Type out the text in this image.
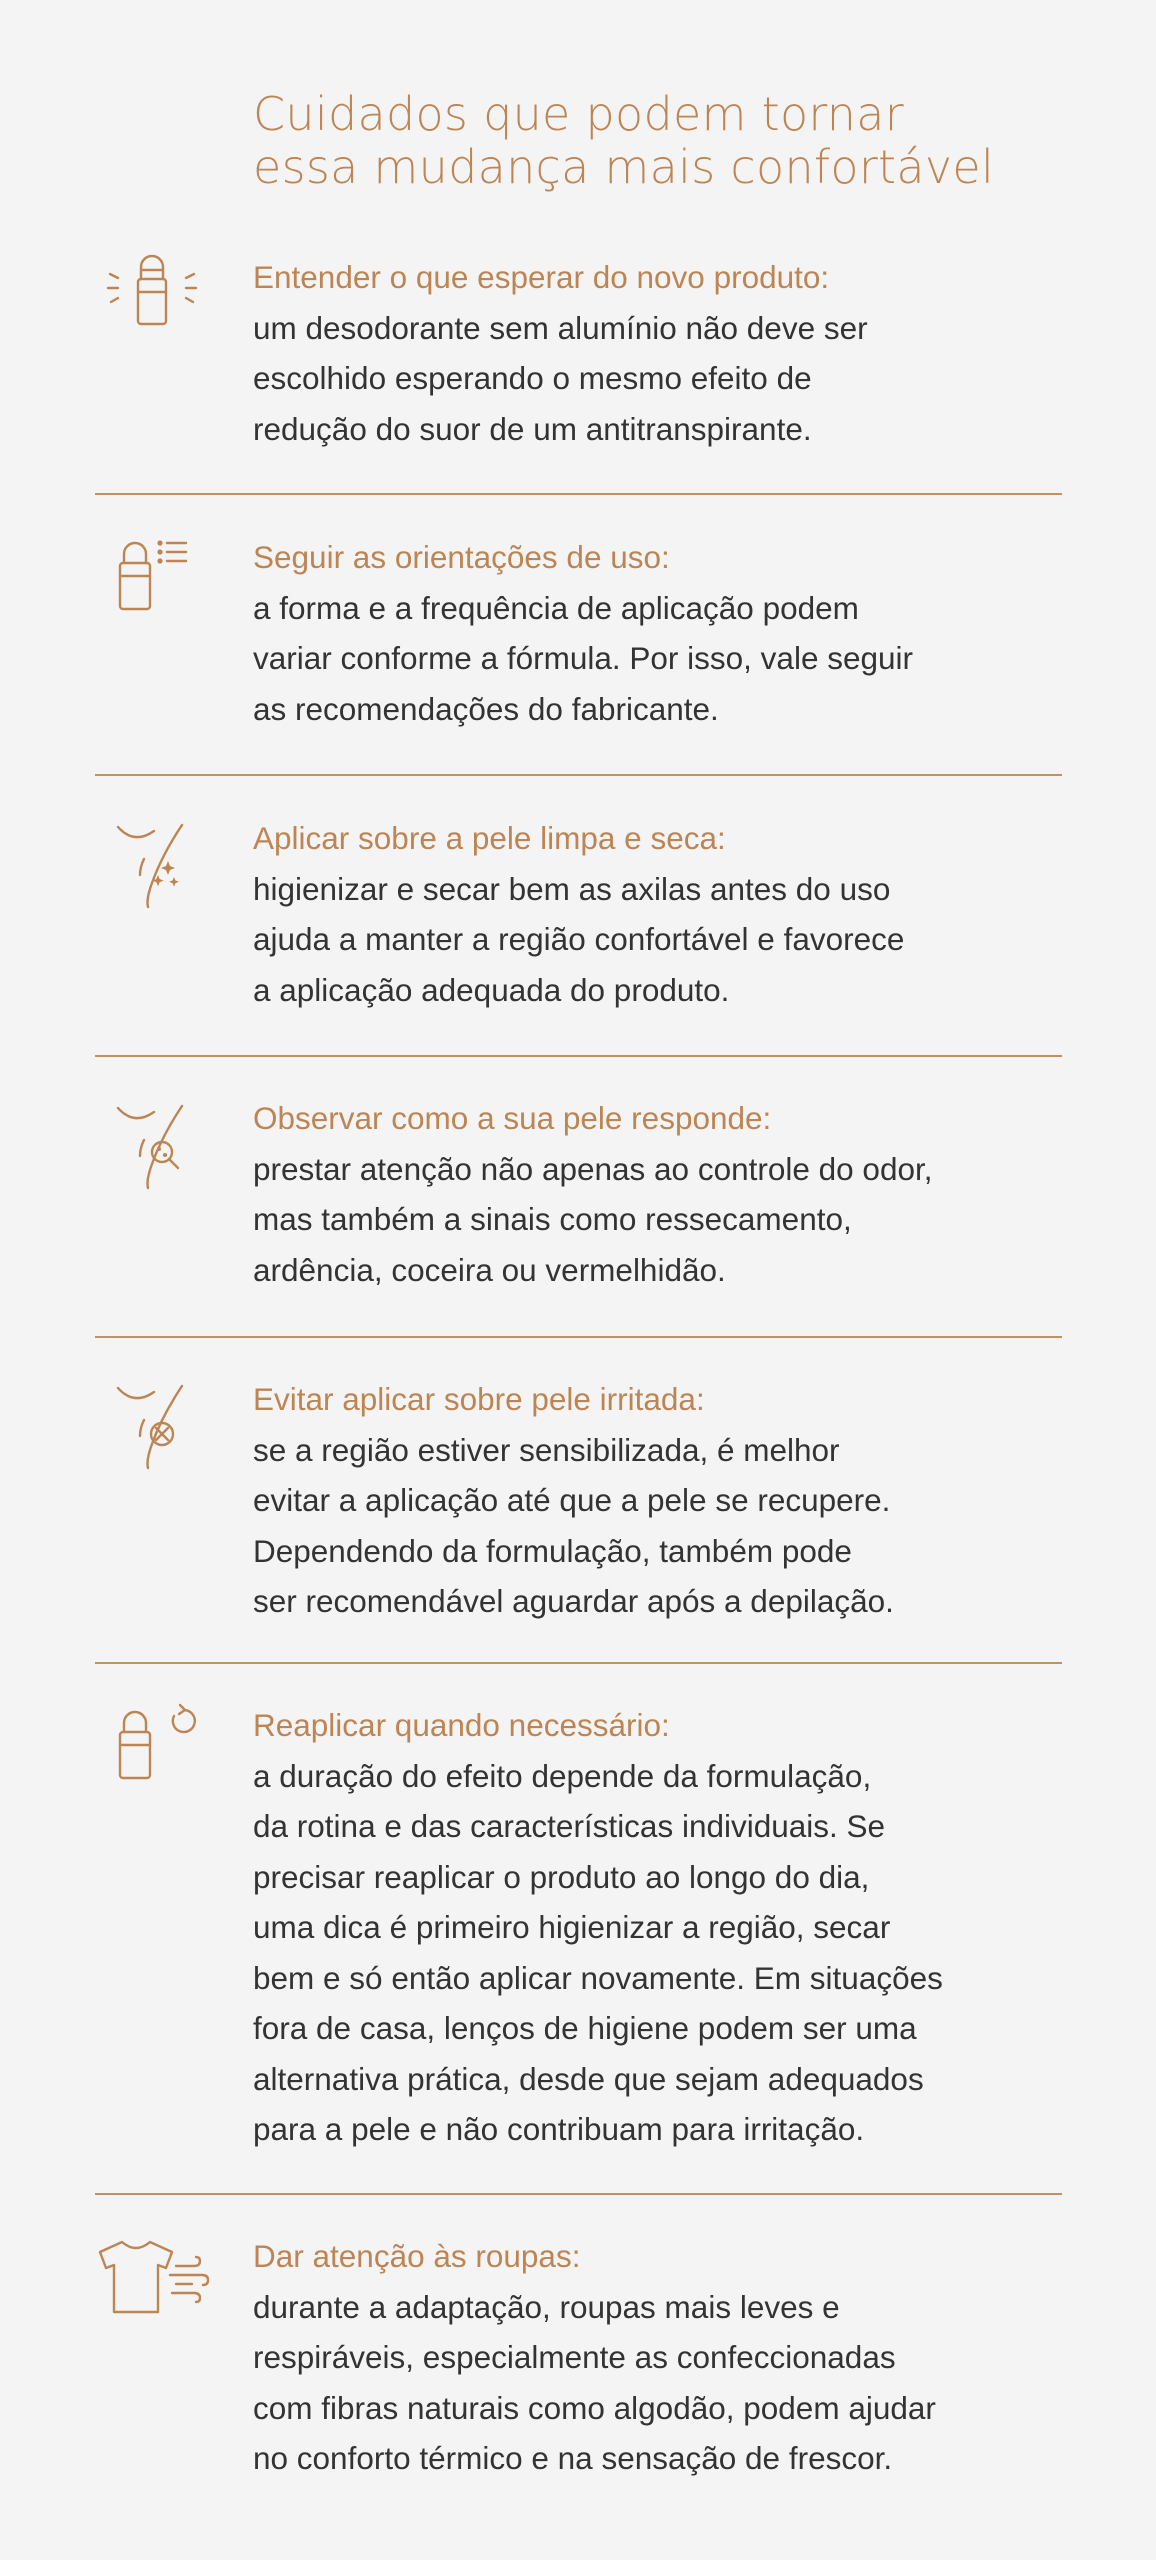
Cuidados que podem tornar
essa mudança mais confortável
Entender o que esperar do novo produto:
um desodorante sem alumínio não deve ser
escolhido esperando o mesmo efeito de
redução do suor de um antitranspirante.
Seguir as orientações de uso:
a forma e a frequência de aplicação podem
variar conforme a fórmula. Por isso, vale seguir
as recomendações do fabricante.
Aplicar sobre a pele limpa e seca:
higienizar e secar bem as axilas antes do uso
ajuda a manter a região confortável e favorece
a aplicação adequada do produto.
Observar como a sua pele responde:
prestar atenção não apenas ao controle do odor,
mas também a sinais como ressecamento,
ardência, coceira ou vermelhidão.
Evitar aplicar sobre pele irritada:
se a região estiver sensibilizada, é melhor
evitar a aplicação até que a pele se recupere.
Dependendo da formulação, também pode
ser recomendável aguardar após a depilação.
Reaplicar quando necessário:
a duração do efeito depende da formulação,
da rotina e das características individuais. Se
precisar reaplicar o produto ao longo do dia,
uma dica é primeiro higienizar a região, secar
bem e só então aplicar novamente. Em situações
fora de casa, lenços de higiene podem ser uma
alternativa prática, desde que sejam adequados
para a pele e não contribuam para irritação.
Dar atenção às roupas:
durante a adaptação, roupas mais leves e
respiráveis, especialmente as confeccionadas
com fibras naturais como algodão, podem ajudar
no conforto térmico e na sensação de frescor.
